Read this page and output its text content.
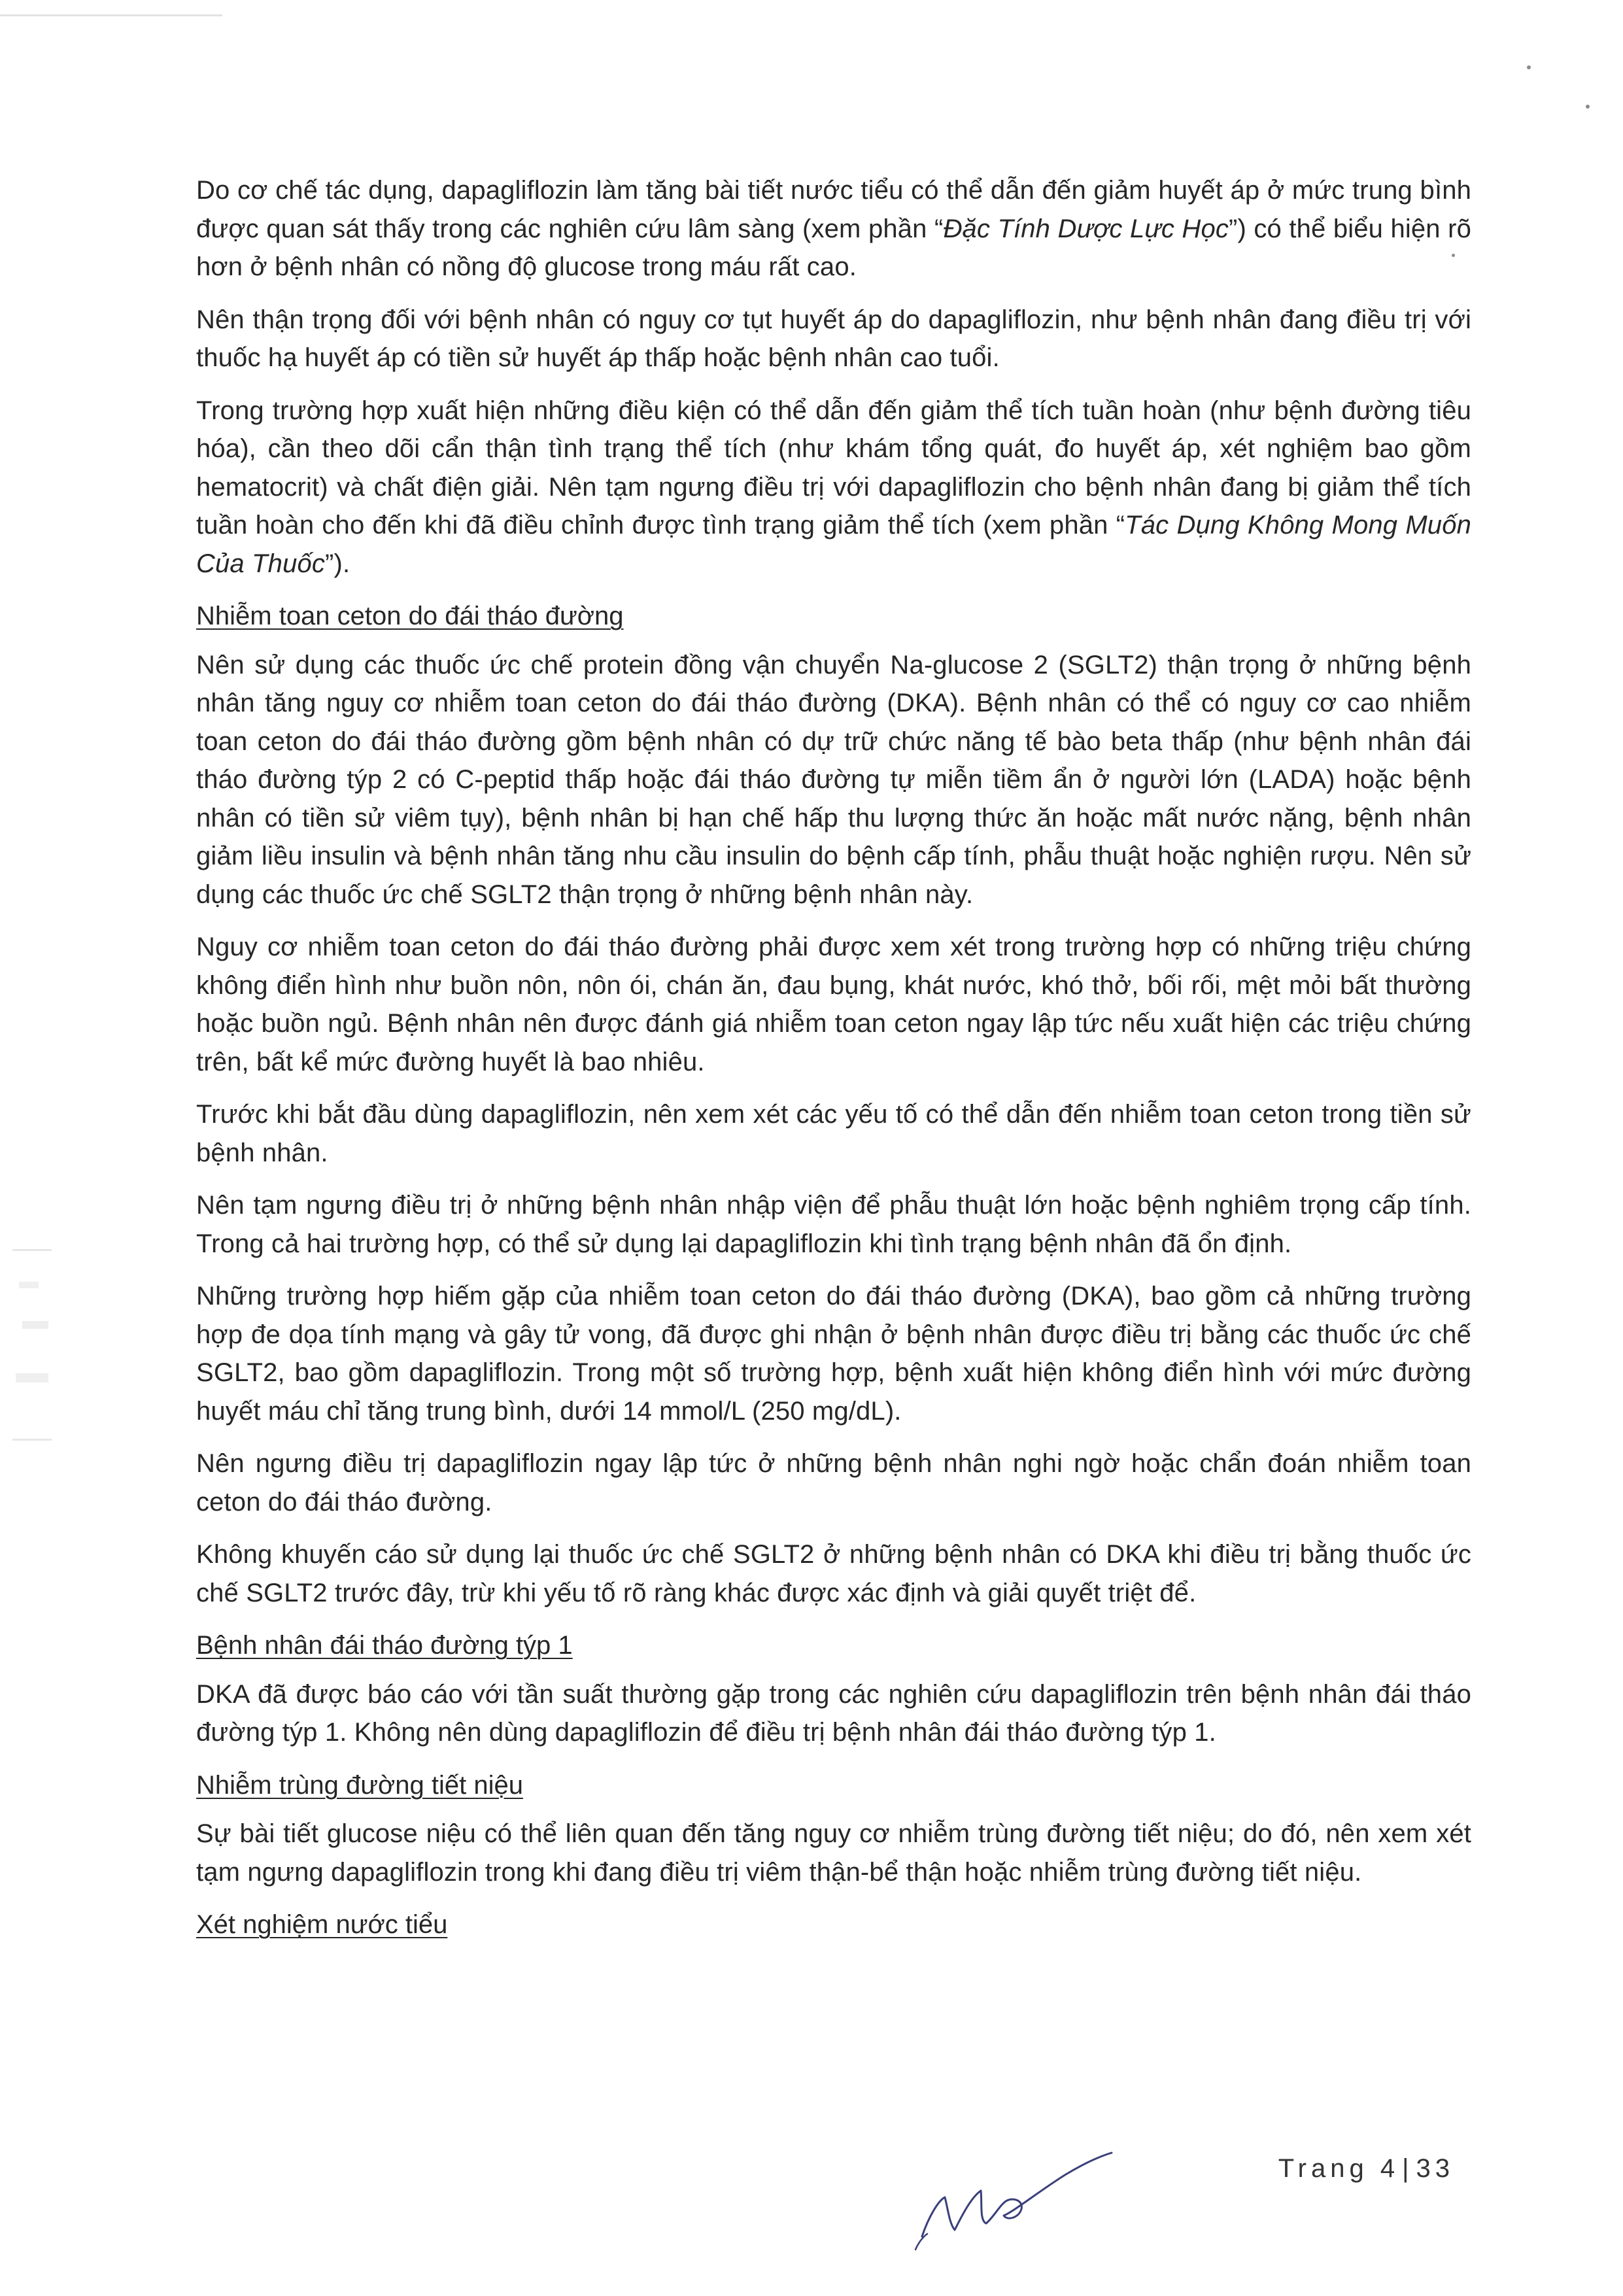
Do cơ chế tác dụng, dapagliflozin làm tăng bài tiết nước tiểu có thể dẫn đến giảm huyết áp ở mức trung bình được quan sát thấy trong các nghiên cứu lâm sàng (xem phần “Đặc Tính Dược Lực Học”) có thể biểu hiện rõ hơn ở bệnh nhân có nồng độ glucose trong máu rất cao.

Nên thận trọng đối với bệnh nhân có nguy cơ tụt huyết áp do dapagliflozin, như bệnh nhân đang điều trị với thuốc hạ huyết áp có tiền sử huyết áp thấp hoặc bệnh nhân cao tuổi.

Trong trường hợp xuất hiện những điều kiện có thể dẫn đến giảm thể tích tuần hoàn (như bệnh đường tiêu hóa), cần theo dõi cẩn thận tình trạng thể tích (như khám tổng quát, đo huyết áp, xét nghiệm bao gồm hematocrit) và chất điện giải. Nên tạm ngưng điều trị với dapagliflozin cho bệnh nhân đang bị giảm thể tích tuần hoàn cho đến khi đã điều chỉnh được tình trạng giảm thể tích (xem phần “Tác Dụng Không Mong Muốn Của Thuốc”).

Nhiễm toan ceton do đái tháo đường

Nên sử dụng các thuốc ức chế protein đồng vận chuyển Na-glucose 2 (SGLT2) thận trọng ở những bệnh nhân tăng nguy cơ nhiễm toan ceton do đái tháo đường (DKA). Bệnh nhân có thể có nguy cơ cao nhiễm toan ceton do đái tháo đường gồm bệnh nhân có dự trữ chức năng tế bào beta thấp (như bệnh nhân đái tháo đường týp 2 có C-peptid thấp hoặc đái tháo đường tự miễn tiềm ẩn ở người lớn (LADA) hoặc bệnh nhân có tiền sử viêm tụy), bệnh nhân bị hạn chế hấp thu lượng thức ăn hoặc mất nước nặng, bệnh nhân giảm liều insulin và bệnh nhân tăng nhu cầu insulin do bệnh cấp tính, phẫu thuật hoặc nghiện rượu. Nên sử dụng các thuốc ức chế SGLT2 thận trọng ở những bệnh nhân này.

Nguy cơ nhiễm toan ceton do đái tháo đường phải được xem xét trong trường hợp có những triệu chứng không điển hình như buồn nôn, nôn ói, chán ăn, đau bụng, khát nước, khó thở, bối rối, mệt mỏi bất thường hoặc buồn ngủ. Bệnh nhân nên được đánh giá nhiễm toan ceton ngay lập tức nếu xuất hiện các triệu chứng trên, bất kể mức đường huyết là bao nhiêu.

Trước khi bắt đầu dùng dapagliflozin, nên xem xét các yếu tố có thể dẫn đến nhiễm toan ceton trong tiền sử bệnh nhân.

Nên tạm ngưng điều trị ở những bệnh nhân nhập viện để phẫu thuật lớn hoặc bệnh nghiêm trọng cấp tính. Trong cả hai trường hợp, có thể sử dụng lại dapagliflozin khi tình trạng bệnh nhân đã ổn định.

Những trường hợp hiếm gặp của nhiễm toan ceton do đái tháo đường (DKA), bao gồm cả những trường hợp đe dọa tính mạng và gây tử vong, đã được ghi nhận ở bệnh nhân được điều trị bằng các thuốc ức chế SGLT2, bao gồm dapagliflozin. Trong một số trường hợp, bệnh xuất hiện không điển hình với mức đường huyết máu chỉ tăng trung bình, dưới 14 mmol/L (250 mg/dL).

Nên ngưng điều trị dapagliflozin ngay lập tức ở những bệnh nhân nghi ngờ hoặc chẩn đoán nhiễm toan ceton do đái tháo đường.

Không khuyến cáo sử dụng lại thuốc ức chế SGLT2 ở những bệnh nhân có DKA khi điều trị bằng thuốc ức chế SGLT2 trước đây, trừ khi yếu tố rõ ràng khác được xác định và giải quyết triệt để.

Bệnh nhân đái tháo đường týp 1

DKA đã được báo cáo với tần suất thường gặp trong các nghiên cứu dapagliflozin trên bệnh nhân đái tháo đường týp 1. Không nên dùng dapagliflozin để điều trị bệnh nhân đái tháo đường týp 1.

Nhiễm trùng đường tiết niệu

Sự bài tiết glucose niệu có thể liên quan đến tăng nguy cơ nhiễm trùng đường tiết niệu; do đó, nên xem xét tạm ngưng dapagliflozin trong khi đang điều trị viêm thận-bể thận hoặc nhiễm trùng đường tiết niệu.

Xét nghiệm nước tiểu

Trang 4 | 33
